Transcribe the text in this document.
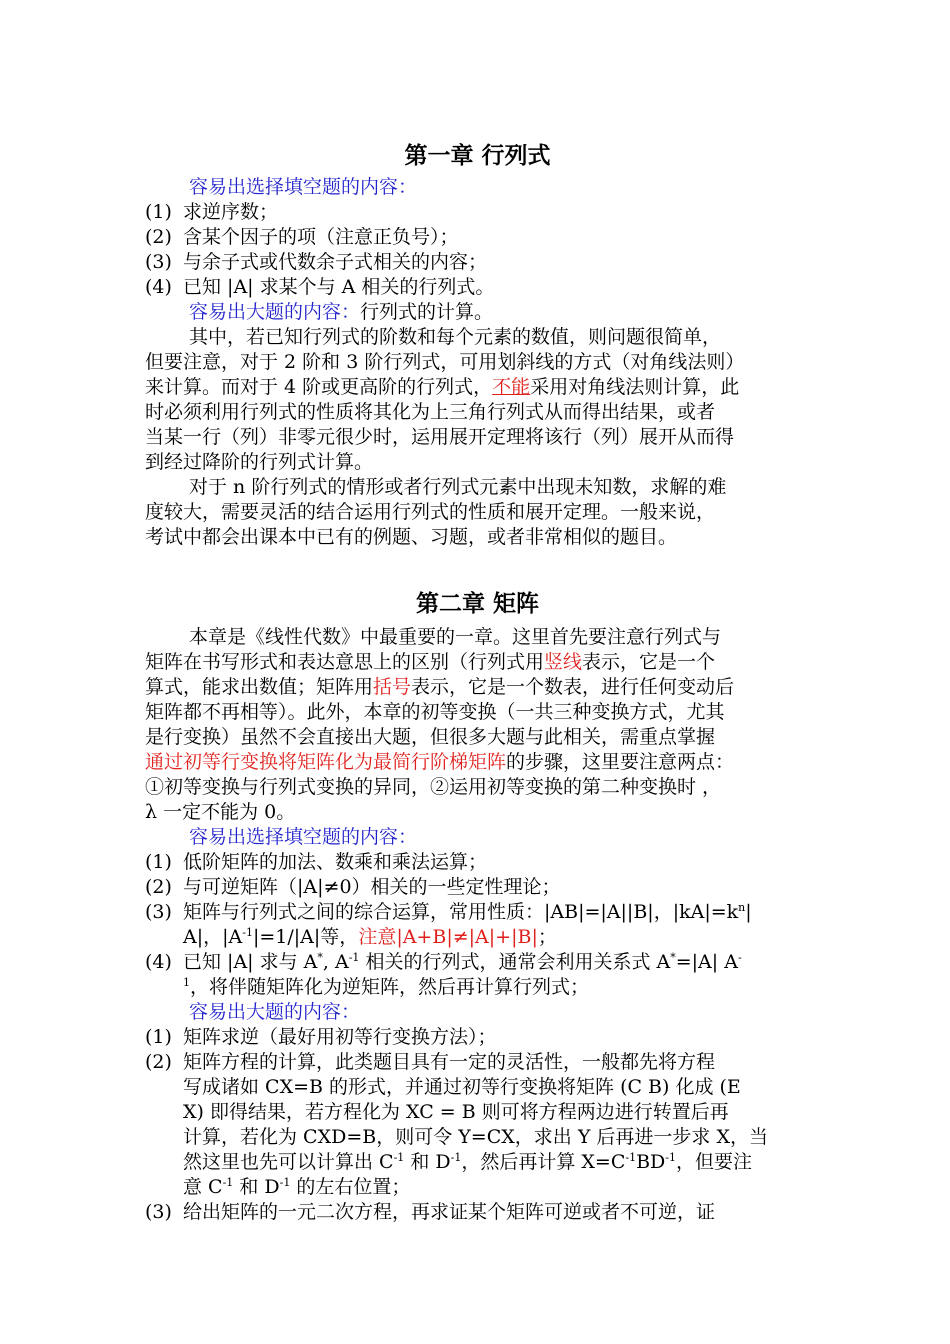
第一章 行列式

容易出选择填空题的内容：

(1) 求逆序数；
(2) 含某个因子的项（注意正负号）；
(3) 与余子式或代数余子式相关的内容；
(4) 已知 |A| 求某个与 A 相关的行列式。

容易出大题的内容：行列式的计算。

其中，若已知行列式的阶数和每个元素的数值，则问题很简单，

但要注意，对于 2 阶和 3 阶行列式，可用划斜线的方式（对角线法则）

来计算。而对于 4 阶或更高阶的行列式，不能采用对角线法则计算，此

时必须利用行列式的性质将其化为上三角行列式从而得出结果，或者

当某一行（列）非零元很少时，运用展开定理将该行（列）展开从而得

到经过降阶的行列式计算。

对于 n 阶行列式的情形或者行列式元素中出现未知数，求解的难

度较大，需要灵活的结合运用行列式的性质和展开定理。一般来说，

考试中都会出课本中已有的例题、习题，或者非常相似的题目。

第二章 矩阵

本章是《线性代数》中最重要的一章。这里首先要注意行列式与

矩阵在书写形式和表达意思上的区别（行列式用竖线表示，它是一个

算式，能求出数值；矩阵用括号表示，它是一个数表，进行任何变动后

矩阵都不再相等）。此外，本章的初等变换（一共三种变换方式，尤其

是行变换）虽然不会直接出大题，但很多大题与此相关，需重点掌握

通过初等行变换将矩阵化为最简行阶梯矩阵的步骤，这里要注意两点：

①初等变换与行列式变换的异同，②运用初等变换的第二种变换时 ，

λ 一定不能为 0。

容易出选择填空题的内容：

(1) 低阶矩阵的加法、数乘和乘法运算；
(2) 与可逆矩阵（|A|≠0）相关的一些定性理论；
(3) 矩阵与行列式之间的综合运算，常用性质：|AB|=|A||B|，$|kA|=k^n|$
A|，$|A^{-1}|=1/|A|$等，注意|A+B|≠|A|+|B|；
(4) 已知 |A| 求与 A*, $A^{-1}$ 相关的行列式，通常会利用关系式 A*=|A| A-
$^1$，将伴随矩阵化为逆矩阵，然后再计算行列式；

容易出大题的内容：

(1) 矩阵求逆（最好用初等行变换方法）；
(2) 矩阵方程的计算，此类题目具有一定的灵活性，一般都先将方程
写成诸如 CX=B 的形式，并通过初等行变换将矩阵 (C B) 化成 (E
X) 即得结果，若方程化为 XC = B 则可将方程两边进行转置后再
计算，若化为 CXD=B，则可令 Y=CX，求出 Y 后再进一步求 X，当
然这里也先可以计算出 $C^{-1}$ 和 $D^{-1}$，然后再计算 $X=C^{-1}BD^{-1}$，但要注
意 $C^{-1}$ 和 $D^{-1}$ 的左右位置；
(3) 给出矩阵的一元二次方程，再求证某个矩阵可逆或者不可逆，证
